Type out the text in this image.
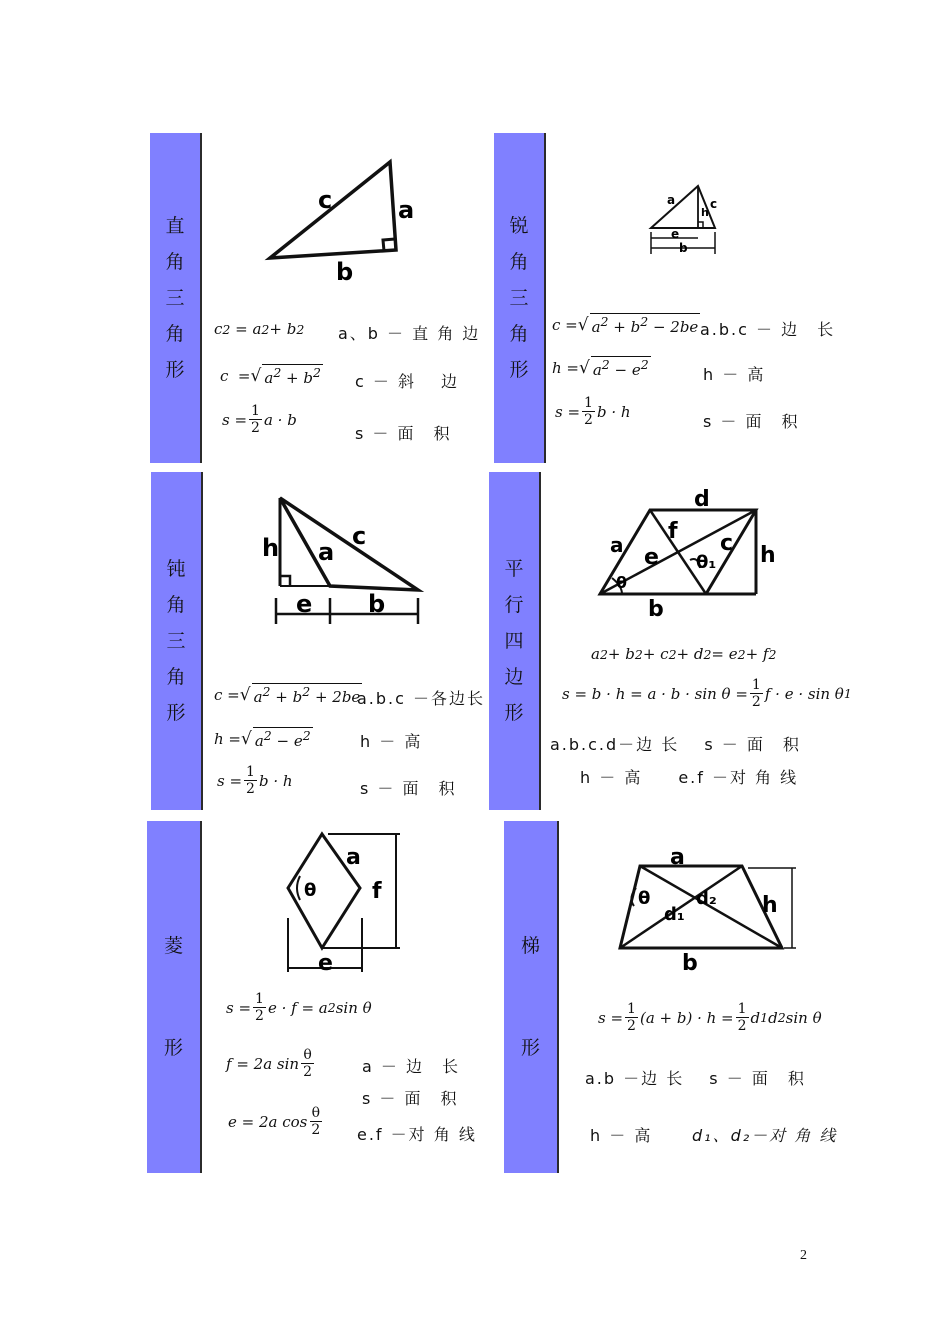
直
角
三
角
形
c	a
b
c 2 = a 2 + b 2
c  = √ $a^2 + b^2$
$s = \frac{1}{2}$ a · b
a、b － 直 角 边
c － 斜　 边
s － 面　积
锐
角
三
角
形
a	c
h
e
b
c = √ $a^2 + b^2 - 2be$
h = √ $a^2 - e^2$
$s = \frac{1}{2}$ b · h
a.b.c － 边　长
h － 高
s － 面　积
钝
角
三
角
形
h a
c
e b
c = √ $a^2 + b^2 + 2be$
h = √ $a^2 - e^2$
$s = \frac{1}{2}$ b · h
a.b.c －各边长
h － 高
s － 面　积
平
行
四
边
形
d
a e
f
θ₁
c h
θ
b
a 2 + b 2 + c 2 + d 2 = e 2 + f 2
$s = b \cdot h = a \cdot b \cdot \sin \theta = \frac{1}{2}$ f · e · sin θ 1
a.b.c.d－边 长　 s － 面　积
h － 高　　e.f －对 角 线
菱
形
a
θ	f
e
$s = \frac{1}{2}$ e · f = a 2 sin θ
f = 2a $\sin \frac{\theta}{2}$
e = 2a $\cos \frac{\theta}{2}$
a － 边　长
s － 面　积
e.f －对 角 线
梯
形
a
θ
d₁
d₂ h
b
$s = \frac{1}{2} (a + b) \cdot h = \frac{1}{2}$ d 1 d 2 sin θ
a.b －边 长　 s － 面　积
h － 高 d₁、d₂－对 角 线
2
